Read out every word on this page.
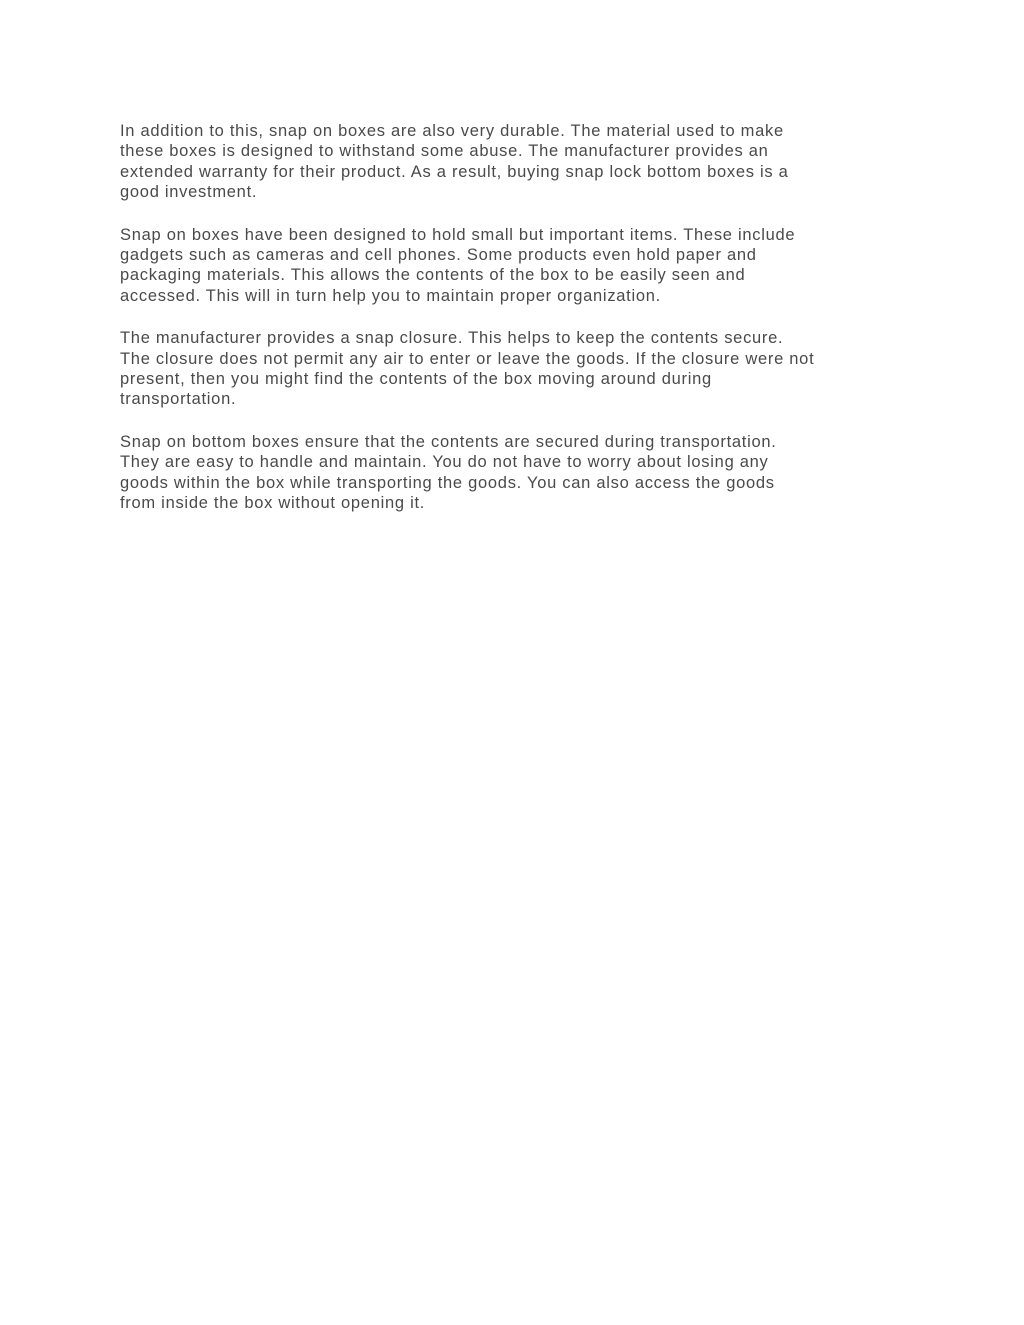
In addition to this, snap on boxes are also very durable. The material used to make
these boxes is designed to withstand some abuse. The manufacturer provides an
extended warranty for their product. As a result, buying snap lock bottom boxes is a
good investment.

Snap on boxes have been designed to hold small but important items. These include
gadgets such as cameras and cell phones. Some products even hold paper and
packaging materials. This allows the contents of the box to be easily seen and
accessed. This will in turn help you to maintain proper organization.

The manufacturer provides a snap closure. This helps to keep the contents secure.
The closure does not permit any air to enter or leave the goods. If the closure were not
present, then you might find the contents of the box moving around during
transportation.

Snap on bottom boxes ensure that the contents are secured during transportation.
They are easy to handle and maintain. You do not have to worry about losing any
goods within the box while transporting the goods. You can also access the goods
from inside the box without opening it.
